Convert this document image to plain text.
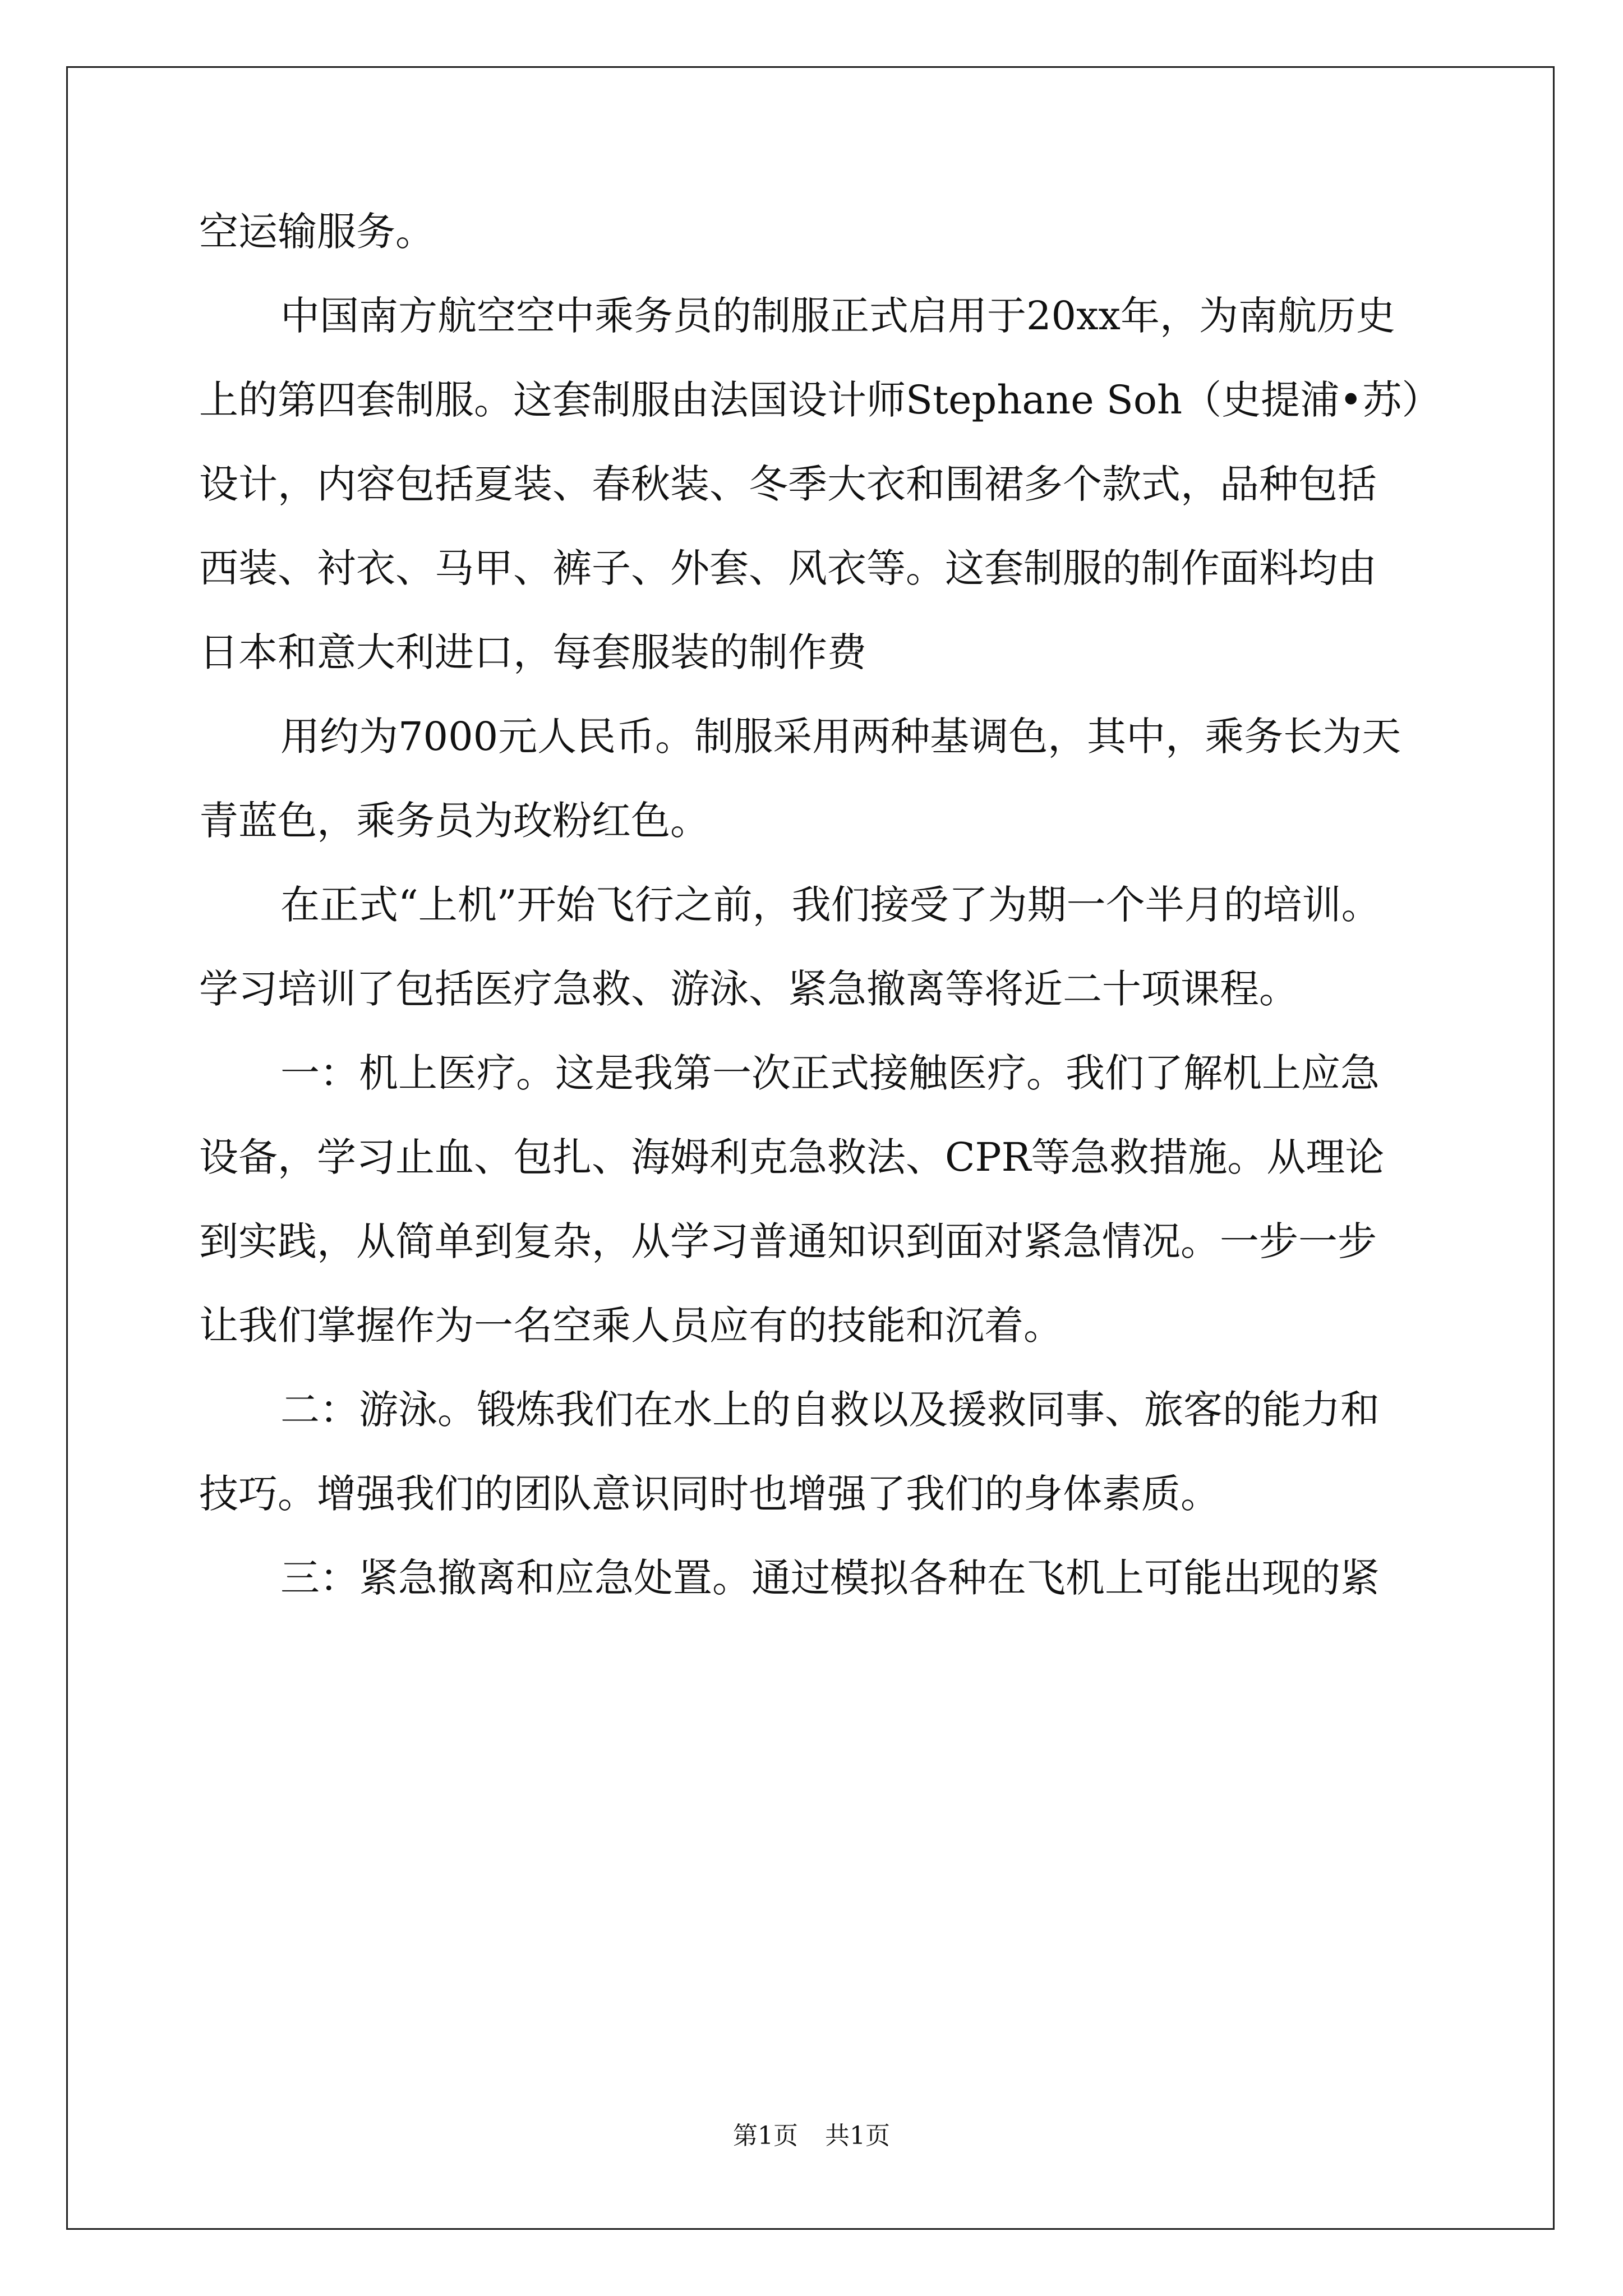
空运输服务。
中国南方航空空中乘务员的制服正式启用于20xx年，为南航历史
上的第四套制服。这套制服由法国设计师Stephane Soh（史提浦•苏）
设计，内容包括夏装、春秋装、冬季大衣和围裙多个款式，品种包括
西装、衬衣、马甲、裤子、外套、风衣等。这套制服的制作面料均由
日本和意大利进口，每套服装的制作费
用约为7000元人民币。制服采用两种基调色，其中，乘务长为天
青蓝色，乘务员为玫粉红色。
在正式“上机”开始飞行之前，我们接受了为期一个半月的培训。
学习培训了包括医疗急救、游泳、紧急撤离等将近二十项课程。
一：机上医疗。这是我第一次正式接触医疗。我们了解机上应急
设备，学习止血、包扎、海姆利克急救法、CPR等急救措施。从理论
到实践，从简单到复杂，从学习普通知识到面对紧急情况。一步一步
让我们掌握作为一名空乘人员应有的技能和沉着。
二：游泳。锻炼我们在水上的自救以及援救同事、旅客的能力和
技巧。增强我们的团队意识同时也增强了我们的身体素质。
三：紧急撤离和应急处置。通过模拟各种在飞机上可能出现的紧
第1页 共1页
